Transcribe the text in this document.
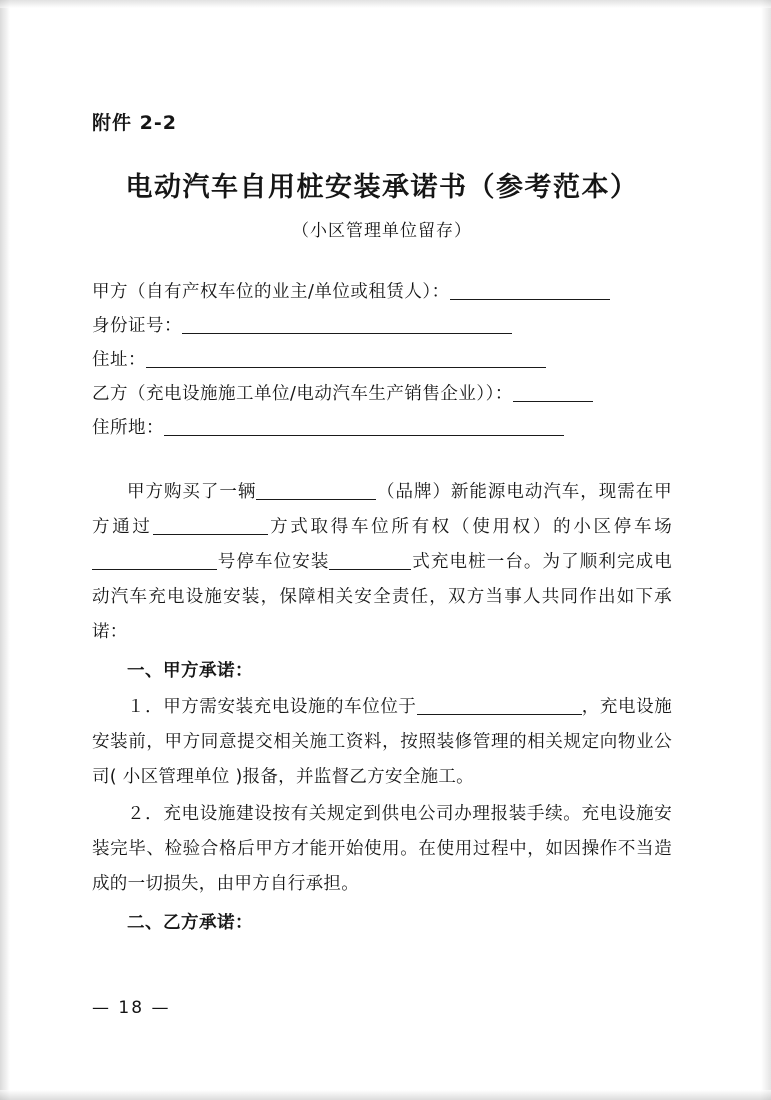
附件 2-2
电动汽车自用桩安装承诺书（参考范本）
（小区管理单位留存）
甲方（自有产权车位的业主/单位或租赁人）：
身份证号：
住址：
乙方（充电设施施工单位/电动汽车生产销售企业））：
住所地：

甲方购买了一辆	（品牌）新能源电动汽车，现需在甲方通过	方式取得车位所有权（使用权）的小区停车场号停车位安装	式充电桩一台。为了顺利完成电动汽车充电设施安装，保障相关安全责任，双方当事人共同作出如下承诺：

一、甲方承诺：

１．甲方需安装充电设施的车位位于	，充电设施安装前，甲方同意提交相关施工资料，按照装修管理的相关规定向物业公司( 小区管理单位 )报备，并监督乙方安全施工。

２．充电设施建设按有关规定到供电公司办理报装手续。充电设施安装完毕、检验合格后甲方才能开始使用。在使用过程中，如因操作不当造成的一切损失，由甲方自行承担。

二、乙方承诺：

— 18 —
